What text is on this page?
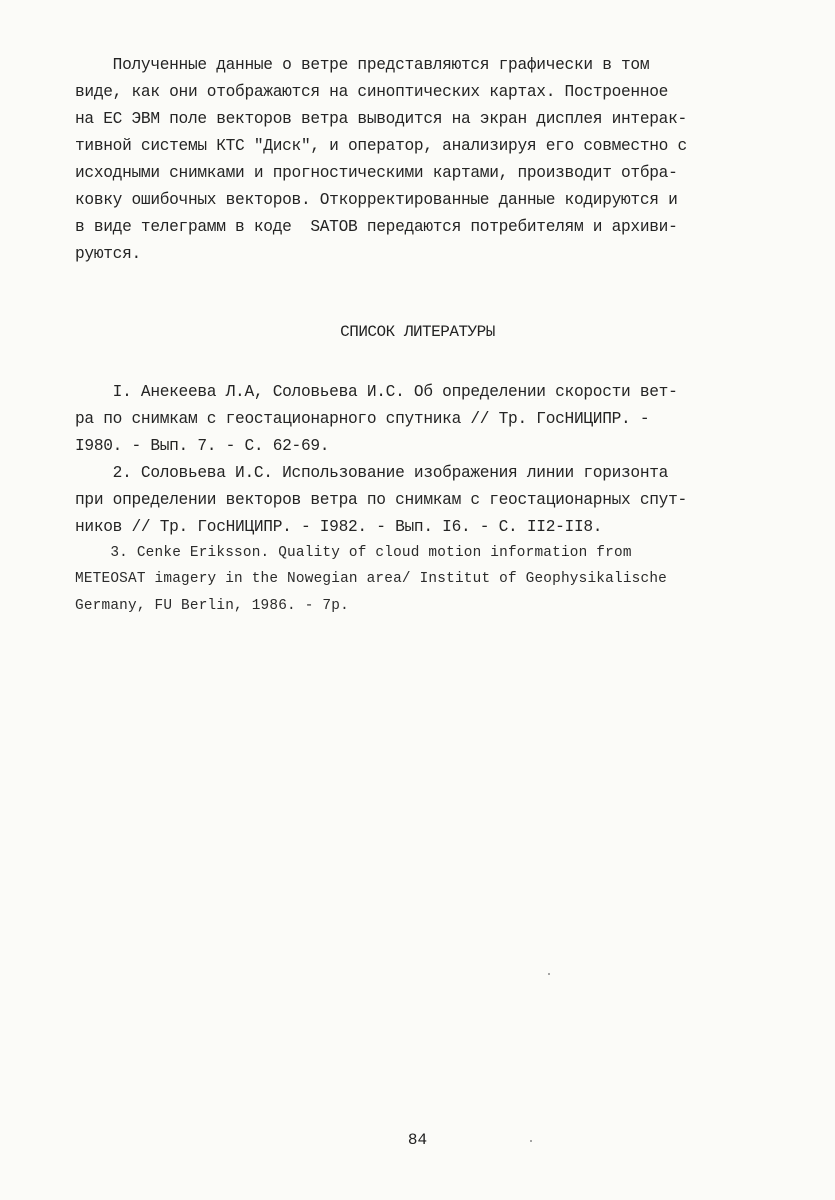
Полученные данные о ветре представляются графически в том
виде, как они отображаются на синоптических картах. Построенное
на ЕС ЭВМ поле векторов ветра выводится на экран дисплея интерак-
тивной системы КТС "Диск", и оператор, анализируя его совместно с
исходными снимками и прогностическими картами, производит отбра-
ковку ошибочных векторов. Откорректированные данные кодируются и
в виде телеграмм в коде  SATOB передаются потребителям и архиви-
руются.
СПИСОК ЛИТЕРАТУРЫ
I. Анекеева Л.А, Соловьева И.С. Об определении скорости вет-
ра по снимкам с геостационарного спутника // Тр. ГосНИЦИПР. -
I980. - Вып. 7. - С. 62-69.
2. Соловьева И.С. Использование изображения линии горизонта
при определении векторов ветра по снимкам с геостационарных спут-
ников // Тр. ГосНИЦИПР. - I982. - Вып. I6. - С. II2-II8.
3. Cenke Eriksson. Quality of cloud motion information from
METEOSAT imagery in the Nowegian area/ Institut of Geophysikalische
Germany, FU Berlin, 1986. - 7p.
84
